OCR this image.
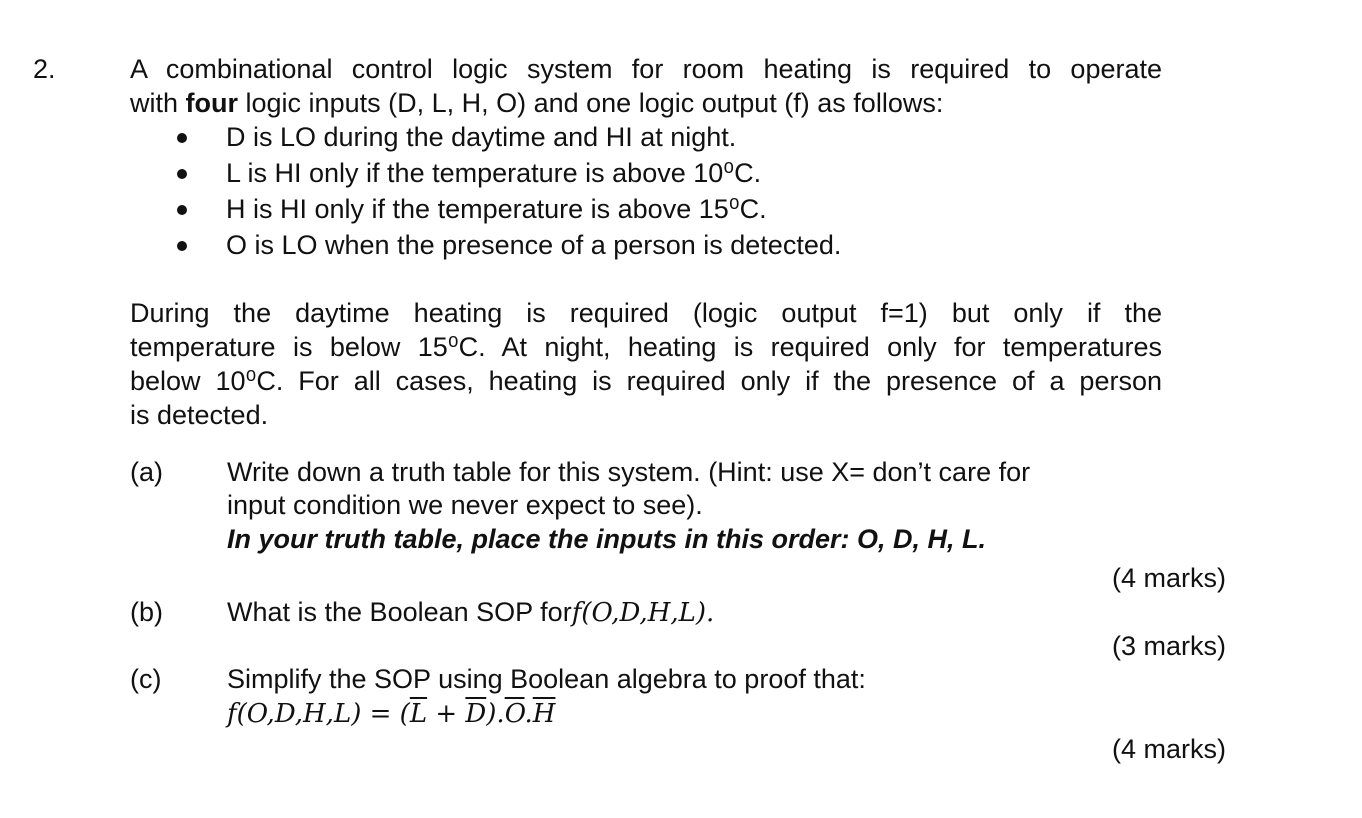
2.	A combinational control logic system for room heating is required to operate
with four logic inputs (D, L, H, O) and one logic output (f) as follows:
D is LO during the daytime and HI at night.
L is HI only if the temperature is above 10⁰C.
H is HI only if the temperature is above 15⁰C.
O is LO when the presence of a person is detected.
During the daytime heating is required (logic output f=1) but only if the
temperature is below 15⁰C. At night, heating is required only for temperatures
below 10⁰C. For all cases, heating is required only if the presence of a person
is detected.
(a) Write down a truth table for this system. (Hint: use X= don’t care for
input condition we never expect to see).
In your truth table, place the inputs in this order: O, D, H, L.
(4 marks)
(b) What is the Boolean SOP forf(O,D,H,L).
(3 marks)
(c) Simplify the SOP using Boolean algebra to proof that:
$f(O,D,H,L) = (\overline{L} + \overline{D}).\overline{O}.\overline{H}$
(4 marks)
